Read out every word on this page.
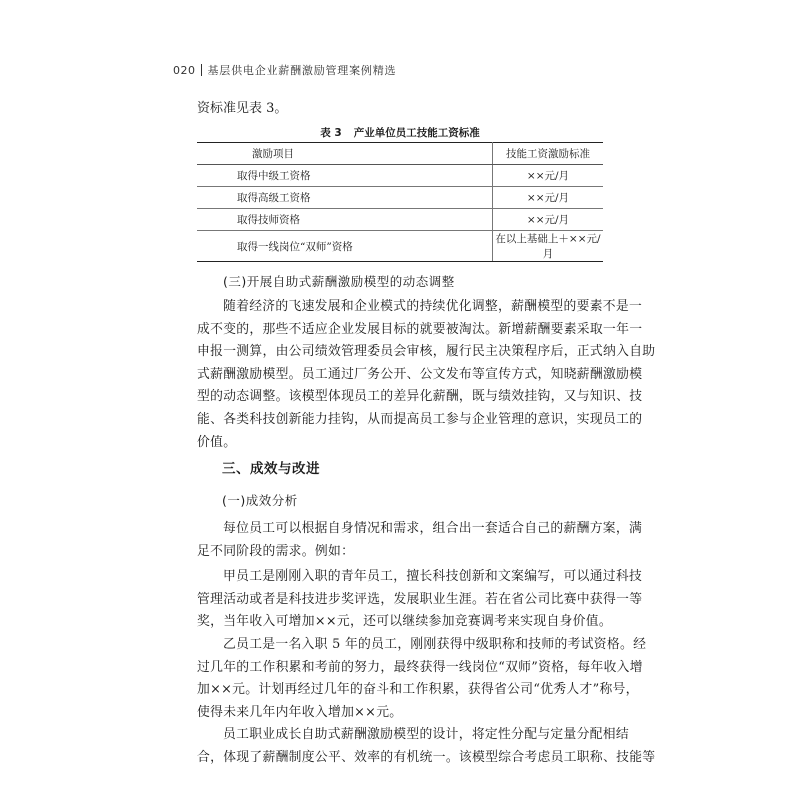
020 基层供电企业薪酬激励管理案例精选
资标准见表 3。
表 3 产业单位员工技能工资标准
激励项目	技能工资激励标准
取得中级工资格	××元/月
取得高级工资格	××元/月
取得技师资格	××元/月
取得一线岗位“双师”资格	在以上基础上＋××元/月
(三)开展自助式薪酬激励模型的动态调整
随着经济的飞速发展和企业模式的持续优化调整，薪酬模型的要素不是一
成不变的，那些不适应企业发展目标的就要被淘汰。新增薪酬要素采取一年一
申报一测算，由公司绩效管理委员会审核，履行民主决策程序后，正式纳入自助
式薪酬激励模型。员工通过厂务公开、公文发布等宣传方式，知晓薪酬激励模
型的动态调整。该模型体现员工的差异化薪酬，既与绩效挂钩，又与知识、技
能、各类科技创新能力挂钩，从而提高员工参与企业管理的意识，实现员工的
价值。
三、成效与改进
(一)成效分析
每位员工可以根据自身情况和需求，组合出一套适合自己的薪酬方案，满
足不同阶段的需求。例如：
甲员工是刚刚入职的青年员工，擅长科技创新和文案编写，可以通过科技
管理活动或者是科技进步奖评选，发展职业生涯。若在省公司比赛中获得一等
奖，当年收入可增加××元，还可以继续参加竞赛调考来实现自身价值。
乙员工是一名入职 5 年的员工，刚刚获得中级职称和技师的考试资格。经
过几年的工作积累和考前的努力，最终获得一线岗位“双师”资格，每年收入增
加××元。计划再经过几年的奋斗和工作积累，获得省公司“优秀人才”称号，
使得未来几年内年收入增加××元。
员工职业成长自助式薪酬激励模型的设计，将定性分配与定量分配相结
合，体现了薪酬制度公平、效率的有机统一。该模型综合考虑员工职称、技能等
